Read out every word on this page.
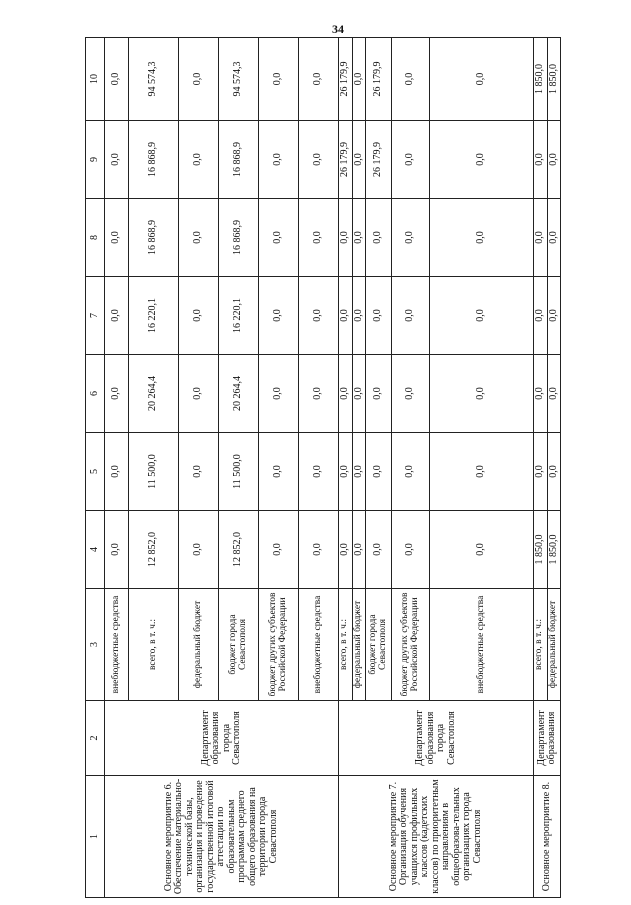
34
1	2	3	4	5	6	7	8	9	10
Основное мероприятие 6. Обеспечение материально-технической базы, организация и проведение государственной итоговой аттестации по образовательным программам среднего общего образования на территории города Севастополя	Департамент образования города Севастополя	внебюджетные средства	0,0	0,0	0,0	0,0	0,0	0,0	0,0
		всего, в т. ч.:	12 852,0	11 500,0	20 264,4	16 220,1	16 868,9	16 868,9	94 574,3
		федеральный бюджет	0,0	0,0	0,0	0,0	0,0	0,0	0,0
		бюджет города Севастополя	12 852,0	11 500,0	20 264,4	16 220,1	16 868,9	16 868,9	94 574,3
		бюджет других субъектов Российской Федерации	0,0	0,0	0,0	0,0	0,0	0,0	0,0
		внебюджетные средства	0,0	0,0	0,0	0,0	0,0	0,0	0,0
Основное мероприятие 7. Организация обучения учащихся профильных классов (кадетских классов) по приоритетным направлениям в общеобразова-тельных организациях города Севастополя	Департамент образования города Севастополя	всего, в т. ч.:	0,0	0,0	0,0	0,0	0,0	26 179,9	26 179,9
		федеральный бюджет	0,0	0,0	0,0	0,0	0,0	0,0	0,0
		бюджет города Севастополя	0,0	0,0	0,0	0,0	0,0	26 179,9	26 179,9
		бюджет других субъектов Российской Федерации	0,0	0,0	0,0	0,0	0,0	0,0	0,0
		внебюджетные средства	0,0	0,0	0,0	0,0	0,0	0,0	0,0
Основное мероприятие 8.	Департамент образования	всего, в т. ч.:	1 850,0	0,0	0,0	0,0	0,0	0,0	1 850,0
		федеральный бюджет	1 850,0	0,0	0,0	0,0	0,0	0,0	1 850,0
